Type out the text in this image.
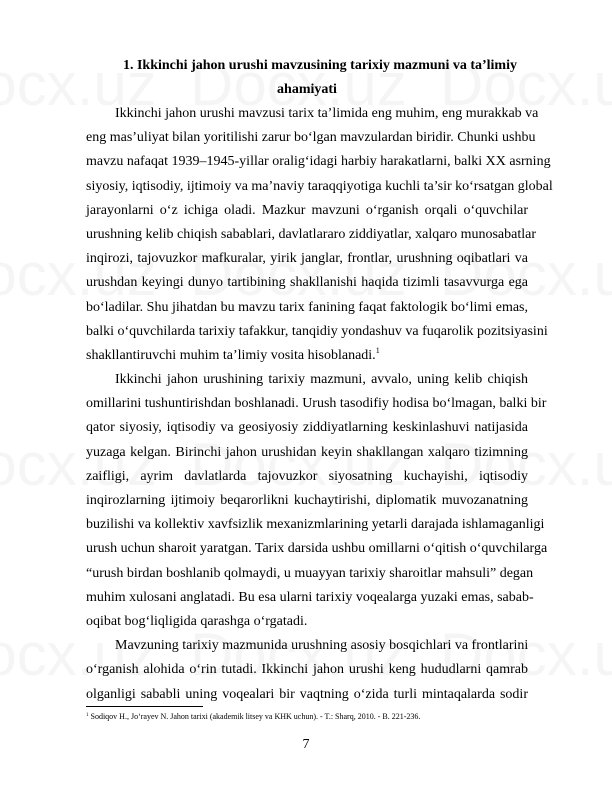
1. Ikkinchi jahon urushi mavzusining tarixiy mazmuni va ta’limiy
ahamiyati
Ikkinchi jahon urushi mavzusi tarix ta’limida eng muhim, eng murakkab va
eng mas’uliyat bilan yoritilishi zarur bo‘lgan mavzulardan biridir. Chunki ushbu
mavzu nafaqat 1939–1945-yillar oralig‘idagi harbiy harakatlarni, balki XX asrning
siyosiy, iqtisodiy, ijtimoiy va ma’naviy taraqqiyotiga kuchli ta’sir ko‘rsatgan global
jarayonlarni o‘z ichiga oladi. Mazkur mavzuni o‘rganish orqali o‘quvchilar
urushning kelib chiqish sabablari, davlatlararo ziddiyatlar, xalqaro munosabatlar
inqirozi, tajovuzkor mafkuralar, yirik janglar, frontlar, urushning oqibatlari va
urushdan keyingi dunyo tartibining shakllanishi haqida tizimli tasavvurga ega
bo‘ladilar. Shu jihatdan bu mavzu tarix fanining faqat faktologik bo‘limi emas,
balki o‘quvchilarda tarixiy tafakkur, tanqidiy yondashuv va fuqarolik pozitsiyasini
shakllantiruvchi muhim ta’limiy vosita hisoblanadi.$^1$
Ikkinchi jahon urushining tarixiy mazmuni, avvalo, uning kelib chiqish
omillarini tushuntirishdan boshlanadi. Urush tasodifiy hodisa bo‘lmagan, balki bir
qator siyosiy, iqtisodiy va geosiyosiy ziddiyatlarning keskinlashuvi natijasida
yuzaga kelgan. Birinchi jahon urushidan keyin shakllangan xalqaro tizimning
zaifligi, ayrim davlatlarda tajovuzkor siyosatning kuchayishi, iqtisodiy
inqirozlarning ijtimoiy beqarorlikni kuchaytirishi, diplomatik muvozanatning
buzilishi va kollektiv xavfsizlik mexanizmlarining yetarli darajada ishlamaganligi
urush uchun sharoit yaratgan. Tarix darsida ushbu omillarni o‘qitish o‘quvchilarga
“urush birdan boshlanib qolmaydi, u muayyan tarixiy sharoitlar mahsuli” degan
muhim xulosani anglatadi. Bu esa ularni tarixiy voqealarga yuzaki emas, sabab-
oqibat bog‘liqligida qarashga o‘rgatadi.
Mavzuning tarixiy mazmunida urushning asosiy bosqichlari va frontlarini
o‘rganish alohida o‘rin tutadi. Ikkinchi jahon urushi keng hududlarni qamrab
olganligi sababli uning voqealari bir vaqtning o‘zida turli mintaqalarda sodir
$^1$ Sodiqov H., Jo‘rayev N. Jahon tarixi (akademik litsey va KHK uchun). - T.: Sharq, 2010. - B. 221-236.
7
